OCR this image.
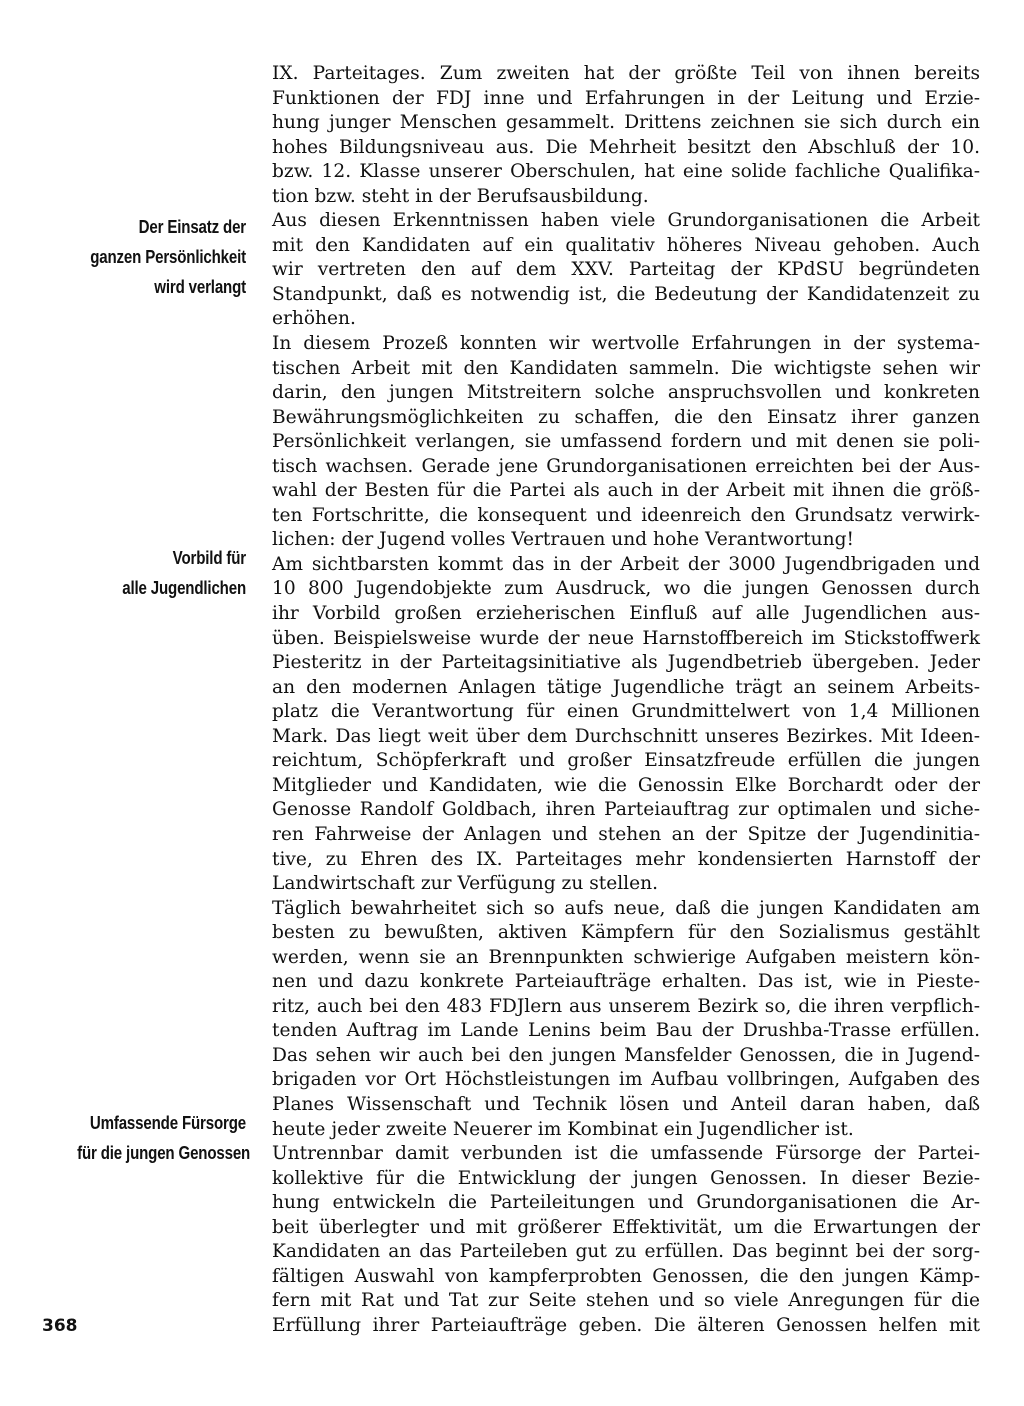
Der Einsatz der
ganzen Persönlichkeit
wird verlangt
Vorbild für
alle Jugendlichen
Umfassende Fürsorge
für die jungen Genossen
IX. Parteitages. Zum zweiten hat der größte Teil von ihnen bereits
Funktionen der FDJ inne und Erfahrungen in der Leitung und Erzie-
hung junger Menschen gesammelt. Drittens zeichnen sie sich durch ein
hohes Bildungsniveau aus. Die Mehrheit besitzt den Abschluß der 10.
bzw. 12. Klasse unserer Oberschulen, hat eine solide fachliche Qualifika-
tion bzw. steht in der Berufsausbildung.
Aus diesen Erkenntnissen haben viele Grundorganisationen die Arbeit
mit den Kandidaten auf ein qualitativ höheres Niveau gehoben. Auch
wir vertreten den auf dem XXV. Parteitag der KPdSU begründeten
Standpunkt, daß es notwendig ist, die Bedeutung der Kandidatenzeit zu
erhöhen.
In diesem Prozeß konnten wir wertvolle Erfahrungen in der systema-
tischen Arbeit mit den Kandidaten sammeln. Die wichtigste sehen wir
darin, den jungen Mitstreitern solche anspruchsvollen und konkreten
Bewährungsmöglichkeiten zu schaffen, die den Einsatz ihrer ganzen
Persönlichkeit verlangen, sie umfassend fordern und mit denen sie poli-
tisch wachsen. Gerade jene Grundorganisationen erreichten bei der Aus-
wahl der Besten für die Partei als auch in der Arbeit mit ihnen die größ-
ten Fortschritte, die konsequent und ideenreich den Grundsatz verwirk-
lichen: der Jugend volles Vertrauen und hohe Verantwortung!
Am sichtbarsten kommt das in der Arbeit der 3000 Jugendbrigaden und
10 800 Jugendobjekte zum Ausdruck, wo die jungen Genossen durch
ihr Vorbild großen erzieherischen Einfluß auf alle Jugendlichen aus-
üben. Beispielsweise wurde der neue Harnstoffbereich im Stickstoffwerk
Piesteritz in der Parteitagsinitiative als Jugendbetrieb übergeben. Jeder
an den modernen Anlagen tätige Jugendliche trägt an seinem Arbeits-
platz die Verantwortung für einen Grundmittelwert von 1,4 Millionen
Mark. Das liegt weit über dem Durchschnitt unseres Bezirkes. Mit Ideen-
reichtum, Schöpferkraft und großer Einsatzfreude erfüllen die jungen
Mitglieder und Kandidaten, wie die Genossin Elke Borchardt oder der
Genosse Randolf Goldbach, ihren Parteiauftrag zur optimalen und siche-
ren Fahrweise der Anlagen und stehen an der Spitze der Jugendinitia-
tive, zu Ehren des IX. Parteitages mehr kondensierten Harnstoff der
Landwirtschaft zur Verfügung zu stellen.
Täglich bewahrheitet sich so aufs neue, daß die jungen Kandidaten am
besten zu bewußten, aktiven Kämpfern für den Sozialismus gestählt
werden, wenn sie an Brennpunkten schwierige Aufgaben meistern kön-
nen und dazu konkrete Parteiaufträge erhalten. Das ist, wie in Pieste-
ritz, auch bei den 483 FDJlern aus unserem Bezirk so, die ihren verpflich-
tenden Auftrag im Lande Lenins beim Bau der Drushba-Trasse erfüllen.
Das sehen wir auch bei den jungen Mansfelder Genossen, die in Jugend-
brigaden vor Ort Höchstleistungen im Aufbau vollbringen, Aufgaben des
Planes Wissenschaft und Technik lösen und Anteil daran haben, daß
heute jeder zweite Neuerer im Kombinat ein Jugendlicher ist.
Untrennbar damit verbunden ist die umfassende Fürsorge der Partei-
kollektive für die Entwicklung der jungen Genossen. In dieser Bezie-
hung entwickeln die Parteileitungen und Grundorganisationen die Ar-
beit überlegter und mit größerer Effektivität, um die Erwartungen der
Kandidaten an das Parteileben gut zu erfüllen. Das beginnt bei der sorg-
fältigen Auswahl von kampferprobten Genossen, die den jungen Kämp-
fern mit Rat und Tat zur Seite stehen und so viele Anregungen für die
Erfüllung ihrer Parteiaufträge geben. Die älteren Genossen helfen mit
368
